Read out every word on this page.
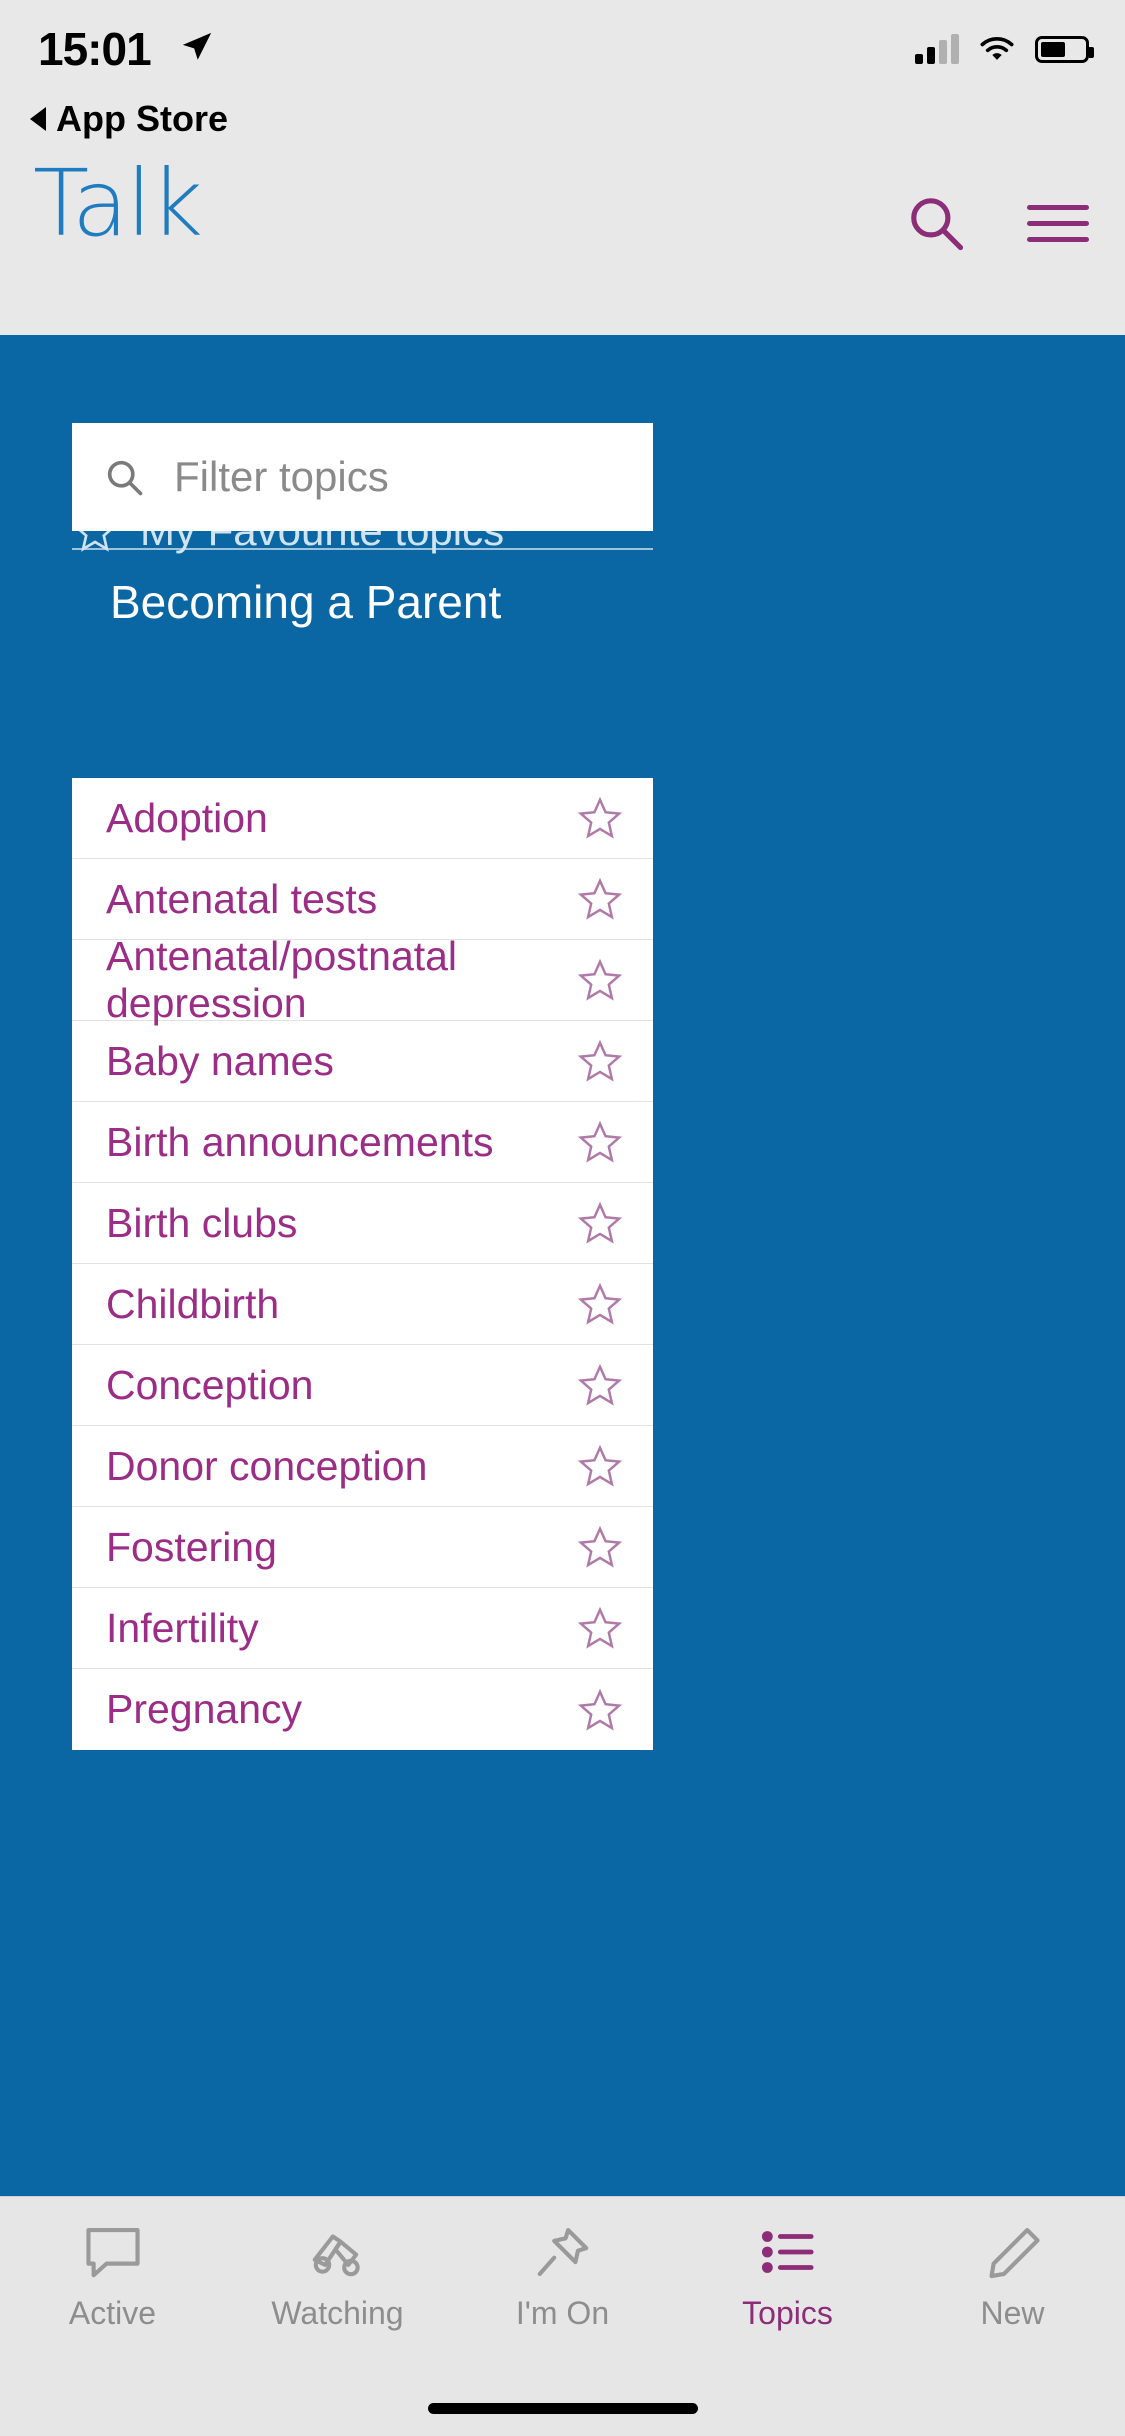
15:01
App Store
Talk
Filter topics
Becoming a Parent
Adoption
Antenatal tests
Antenatal/postnatal depression
Baby names
Birth announcements
Birth clubs
Childbirth
Conception
Donor conception
Fostering
Infertility
Pregnancy
Active	Watching	I'm On	Topics	New
